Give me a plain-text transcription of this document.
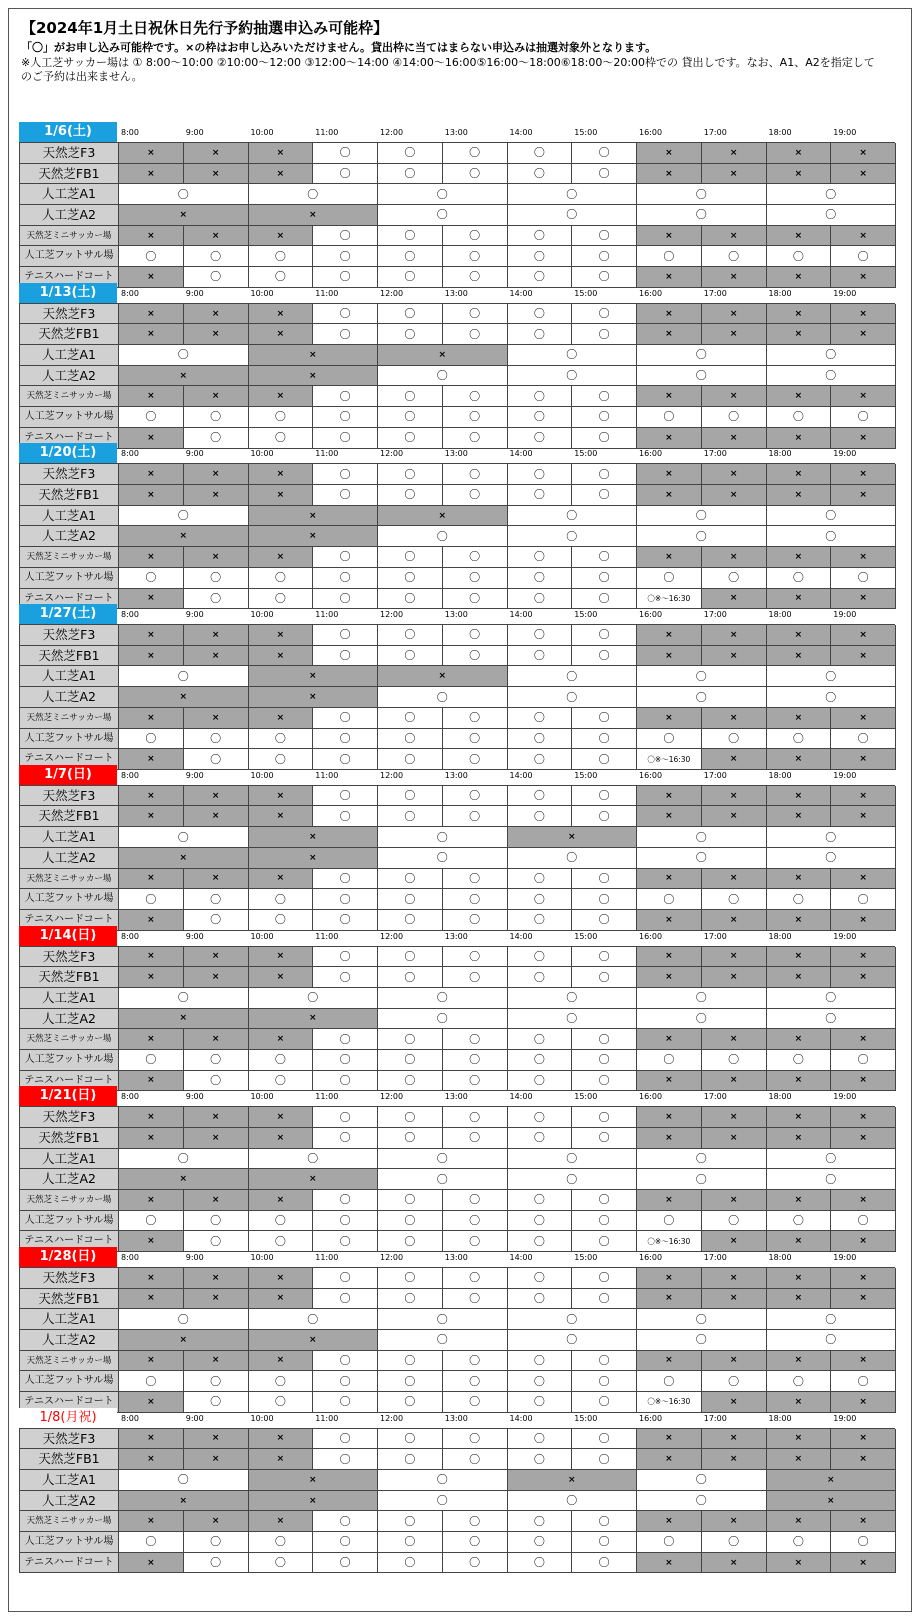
【2024年1月土日祝休日先行予約抽選申込み可能枠】
「〇」がお申し込み可能枠です。×の枠はお申し込みいただけません。貸出枠に当てはまらない申込みは抽選対象外となります。
※人工芝サッカー場は ① 8:00～10:00 ②10:00～12:00 ③12:00～14:00 ④14:00～16:00⑤16:00～18:00⑥18:00～20:00枠での 貸出しです。なお、A1、A2を指定してのご予約は出来ません。
1/6(土)	8:00	9:00	10:00	11:00	12:00	13:00	14:00	15:00	16:00	17:00	18:00	19:00
天然芝F3	×	×	×	〇	〇	〇	〇	〇	×	×	×	×
天然芝FB1	×	×	×	〇	〇	〇	〇	〇	×	×	×	×
人工芝A1	〇	〇	〇	〇	〇	〇
人工芝A2	×	×	〇	〇	〇	〇
天然芝ミニサッカー場	×	×	×	〇	〇	〇	〇	〇	×	×	×	×
人工芝フットサル場	〇	〇	〇	〇	〇	〇	〇	〇	〇	〇	〇	〇
テニスハードコート	×	〇	〇	〇	〇	〇	〇	〇	×	×	×	×
1/13(土)	8:00	9:00	10:00	11:00	12:00	13:00	14:00	15:00	16:00	17:00	18:00	19:00
天然芝F3	×	×	×	〇	〇	〇	〇	〇	×	×	×	×
天然芝FB1	×	×	×	〇	〇	〇	〇	〇	×	×	×	×
人工芝A1	〇	×	×	〇	〇	〇
人工芝A2	×	×	〇	〇	〇	〇
天然芝ミニサッカー場	×	×	×	〇	〇	〇	〇	〇	×	×	×	×
人工芝フットサル場	〇	〇	〇	〇	〇	〇	〇	〇	〇	〇	〇	〇
テニスハードコート	×	〇	〇	〇	〇	〇	〇	〇	×	×	×	×
1/20(土)	8:00	9:00	10:00	11:00	12:00	13:00	14:00	15:00	16:00	17:00	18:00	19:00
天然芝F3	×	×	×	〇	〇	〇	〇	〇	×	×	×	×
天然芝FB1	×	×	×	〇	〇	〇	〇	〇	×	×	×	×
人工芝A1	〇	×	×	〇	〇	〇
人工芝A2	×	×	〇	〇	〇	〇
天然芝ミニサッカー場	×	×	×	〇	〇	〇	〇	〇	×	×	×	×
人工芝フットサル場	〇	〇	〇	〇	〇	〇	〇	〇	〇	〇	〇	〇
テニスハードコート	×	〇	〇	〇	〇	〇	〇	〇	〇※～16:30	×	×	×
1/27(土)	8:00	9:00	10:00	11:00	12:00	13:00	14:00	15:00	16:00	17:00	18:00	19:00
天然芝F3	×	×	×	〇	〇	〇	〇	〇	×	×	×	×
天然芝FB1	×	×	×	〇	〇	〇	〇	〇	×	×	×	×
人工芝A1	〇	×	×	〇	〇	〇
人工芝A2	×	×	〇	〇	〇	〇
天然芝ミニサッカー場	×	×	×	〇	〇	〇	〇	〇	×	×	×	×
人工芝フットサル場	〇	〇	〇	〇	〇	〇	〇	〇	〇	〇	〇	〇
テニスハードコート	×	〇	〇	〇	〇	〇	〇	〇	〇※～16:30	×	×	×
1/7(日)	8:00	9:00	10:00	11:00	12:00	13:00	14:00	15:00	16:00	17:00	18:00	19:00
天然芝F3	×	×	×	〇	〇	〇	〇	〇	×	×	×	×
天然芝FB1	×	×	×	〇	〇	〇	〇	〇	×	×	×	×
人工芝A1	〇	×	〇	×	〇	〇
人工芝A2	×	×	〇	〇	〇	〇
天然芝ミニサッカー場	×	×	×	〇	〇	〇	〇	〇	×	×	×	×
人工芝フットサル場	〇	〇	〇	〇	〇	〇	〇	〇	〇	〇	〇	〇
テニスハードコート	×	〇	〇	〇	〇	〇	〇	〇	×	×	×	×
1/14(日)	8:00	9:00	10:00	11:00	12:00	13:00	14:00	15:00	16:00	17:00	18:00	19:00
天然芝F3	×	×	×	〇	〇	〇	〇	〇	×	×	×	×
天然芝FB1	×	×	×	〇	〇	〇	〇	〇	×	×	×	×
人工芝A1	〇	〇	〇	〇	〇	〇
人工芝A2	×	×	〇	〇	〇	〇
天然芝ミニサッカー場	×	×	×	〇	〇	〇	〇	〇	×	×	×	×
人工芝フットサル場	〇	〇	〇	〇	〇	〇	〇	〇	〇	〇	〇	〇
テニスハードコート	×	〇	〇	〇	〇	〇	〇	〇	×	×	×	×
1/21(日)	8:00	9:00	10:00	11:00	12:00	13:00	14:00	15:00	16:00	17:00	18:00	19:00
天然芝F3	×	×	×	〇	〇	〇	〇	〇	×	×	×	×
天然芝FB1	×	×	×	〇	〇	〇	〇	〇	×	×	×	×
人工芝A1	〇	〇	〇	〇	〇	〇
人工芝A2	×	×	〇	〇	〇	〇
天然芝ミニサッカー場	×	×	×	〇	〇	〇	〇	〇	×	×	×	×
人工芝フットサル場	〇	〇	〇	〇	〇	〇	〇	〇	〇	〇	〇	〇
テニスハードコート	×	〇	〇	〇	〇	〇	〇	〇	〇※～16:30	×	×	×
1/28(日)	8:00	9:00	10:00	11:00	12:00	13:00	14:00	15:00	16:00	17:00	18:00	19:00
天然芝F3	×	×	×	〇	〇	〇	〇	〇	×	×	×	×
天然芝FB1	×	×	×	〇	〇	〇	〇	〇	×	×	×	×
人工芝A1	〇	〇	〇	〇	〇	〇
人工芝A2	×	×	〇	〇	〇	〇
天然芝ミニサッカー場	×	×	×	〇	〇	〇	〇	〇	×	×	×	×
人工芝フットサル場	〇	〇	〇	〇	〇	〇	〇	〇	〇	〇	〇	〇
テニスハードコート	×	〇	〇	〇	〇	〇	〇	〇	〇※～16:30	×	×	×
1/8(月祝)	8:00	9:00	10:00	11:00	12:00	13:00	14:00	15:00	16:00	17:00	18:00	19:00
天然芝F3	×	×	×	〇	〇	〇	〇	〇	×	×	×	×
天然芝FB1	×	×	×	〇	〇	〇	〇	〇	×	×	×	×
人工芝A1	〇	×	〇	×	〇	×
人工芝A2	×	×	〇	〇	〇	×
天然芝ミニサッカー場	×	×	×	〇	〇	〇	〇	〇	×	×	×	×
人工芝フットサル場	〇	〇	〇	〇	〇	〇	〇	〇	〇	〇	〇	〇
テニスハードコート	×	〇	〇	〇	〇	〇	〇	〇	×	×	×	×
